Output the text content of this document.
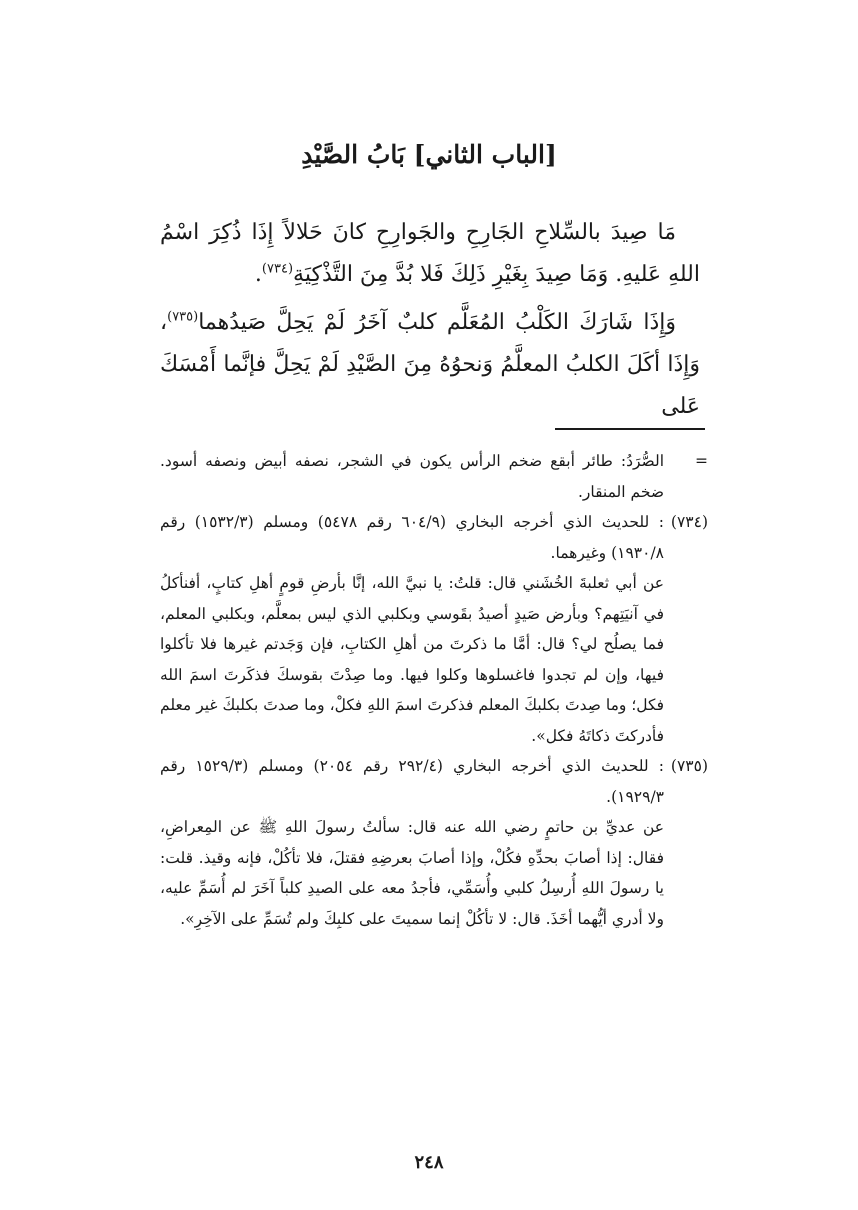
[الباب الثاني] بَابُ الصَّيْدِ

مَا صِيدَ بالسِّلاحِ الجَارِحِ والجَوارِحِ كانَ حَلالاً إِذَا ذُكِرَ اسْمُ اللهِ عَليهِ. وَمَا صِيدَ بِغَيْرِ ذَلِكَ فَلا بُدَّ مِنَ التَّذْكِيَةِ$^{(٧٣٤)}$.

وَإِذَا شَارَكَ الكَلْبُ المُعَلَّم كلبٌ آخَرُ لَمْ يَحِلَّ صَيدُهما$^{(٧٣٥)}$، وَإِذَا أكَلَ الكلبُ المعلَّمُ وَنحوُهُ مِنَ الصَّيْدِ لَمْ يَحِلَّ فإنَّما أَمْسَكَ عَلى

=
الصُّرَدُ: طائر أبقع ضخم الرأس يكون في الشجر، نصفه أبيض ونصفه أسود. ضخم المنقار.
(٧٣٤)
: للحديث الذي أخرجه البخاري (٦٠٤/٩ رقم ٥٤٧٨) ومسلم (١٥٣٢/٣) رقم ١٩٣٠/٨) وغيرهما.
عن أبي ثعلبةَ الخُشَني قال: قلتُ: يا نبيَّ الله، إنَّا بأرضِ قومٍ أهلِ كتابٍ، أفنأكلُ في آنيَتِهم؟ وبأرض صَيدٍ أصيدُ بقَوسي وبكلبي الذي ليس بمعلَّم، وبكلبي المعلم، فما يصلُح لي؟ قال: أمَّا ما ذكرتَ من أهلِ الكتابِ، فإن وَجَدتم غيرها فلا تأكلوا فيها، وإن لم تجدوا فاغسلوها وكلوا فيها. وما صِدْتَ بقوسكَ فذكَرتَ اسمَ الله فكل؛ وما صِدتَ بكلبكَ المعلم فذكرتَ اسمَ اللهِ فكلْ، وما صدتَ بكلبكَ غير معلم فأدركتَ ذكاتَهُ فكل».
(٧٣٥)
: للحديث الذي أخرجه البخاري (٢٩٢/٤ رقم ٢٠٥٤) ومسلم (١٥٢٩/٣ رقم ١٩٢٩/٣).
عن عديِّ بن حاتمٍ رضي الله عنه قال: سألتُ رسولَ اللهِ ﷺ عن المِعراضِ، فقال: إذا أصابَ بحدِّهِ فكُلْ، وإذا أصابَ بعرضِهِ فقتلَ، فلا تأكُلْ، فإنه وقيذ. قلت: يا رسولَ اللهِ أُرسِلُ كلبي وأُسَمِّي، فأجدُ معه على الصيدِ كلباً آخَرَ لم أُسَمِّ عليه، ولا أدري أيُّهما أخَذَ. قال: لا تأكُلْ إنما سميتَ على كلبِكَ ولم تُسَمِّ على الآخِرِ».
٢٤٨
